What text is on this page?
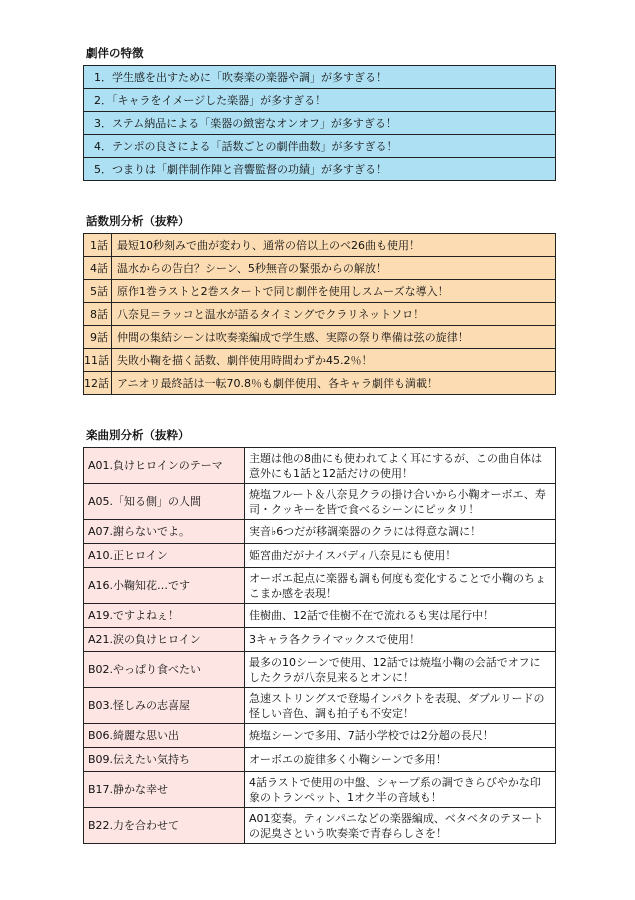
劇伴の特徴
1．学生感を出すために「吹奏楽の楽器や調」が多すぎる！
2．「キャラをイメージした楽器」が多すぎる！
3．ステム納品による「楽器の緻密なオンオフ」が多すぎる！
4．テンポの良さによる「話数ごとの劇伴曲数」が多すぎる！
5．つまりは「劇伴制作陣と音響監督の功績」が多すぎる！
話数別分析（抜粋）
1話	最短10秒刻みで曲が変わり、通常の倍以上のベ26曲も使用！
4話	温水からの告白？シーン、5秒無音の緊張からの解放！
5話	原作1巻ラストと2巻スタートで同じ劇伴を使用しスムーズな導入！
8話	八奈見＝ラッコと温水が語るタイミングでクラリネットソロ！
9話	仲間の集結シーンは吹奏楽編成で学生感、実際の祭り準備は弦の旋律！
11話	失敗小鞠を描く話数、劇伴使用時間わずか45.2％！
12話	アニオリ最終話は一転70.8％も劇伴使用、各キャラ劇伴も満載！
楽曲別分析（抜粋）
A01.負けヒロインのテーマ	主題は他の8曲にも使われてよく耳にするが、この曲自体は意外にも1話と12話だけの使用！
A05.「知る側」の人間	焼塩フルート＆八奈見クラの掛け合いから小鞠オーボエ、寿司・クッキーを皆で食べるシーンにピッタリ！
A07.謝らないでよ。	実音♭6つだが移調楽器のクラには得意な調に！
A10.正ヒロイン	姫宮曲だがナイスバディ八奈見にも使用！
A16.小鞠知花…です	オーボエ起点に楽器も調も何度も変化することで小鞠のちょこまか感を表現！
A19.ですよねぇ！	佳樹曲、12話で佳樹不在で流れるも実は尾行中！
A21.涙の負けヒロイン	3キャラ各クライマックスで使用！
B02.やっぱり食べたい	最多の10シーンで使用、12話では焼塩小鞠の会話でオフにしたクラが八奈見来るとオンに！
B03.怪しみの志喜屋	急速ストリングスで登場インパクトを表現、ダブルリードの怪しい音色、調も拍子も不安定！
B06.綺麗な思い出	焼塩シーンで多用、7話小学校では2分超の長尺！
B09.伝えたい気持ち	オーボエの旋律多く小鞠シーンで多用！
B17.静かな幸せ	4話ラストで使用の中盤、シャープ系の調できらびやかな印象のトランペット、1オク半の音域も！
B22.力を合わせて	A01変奏。ティンパニなどの楽器編成、ベタベタのテヌートの泥臭さという吹奏楽で青春らしさを！
